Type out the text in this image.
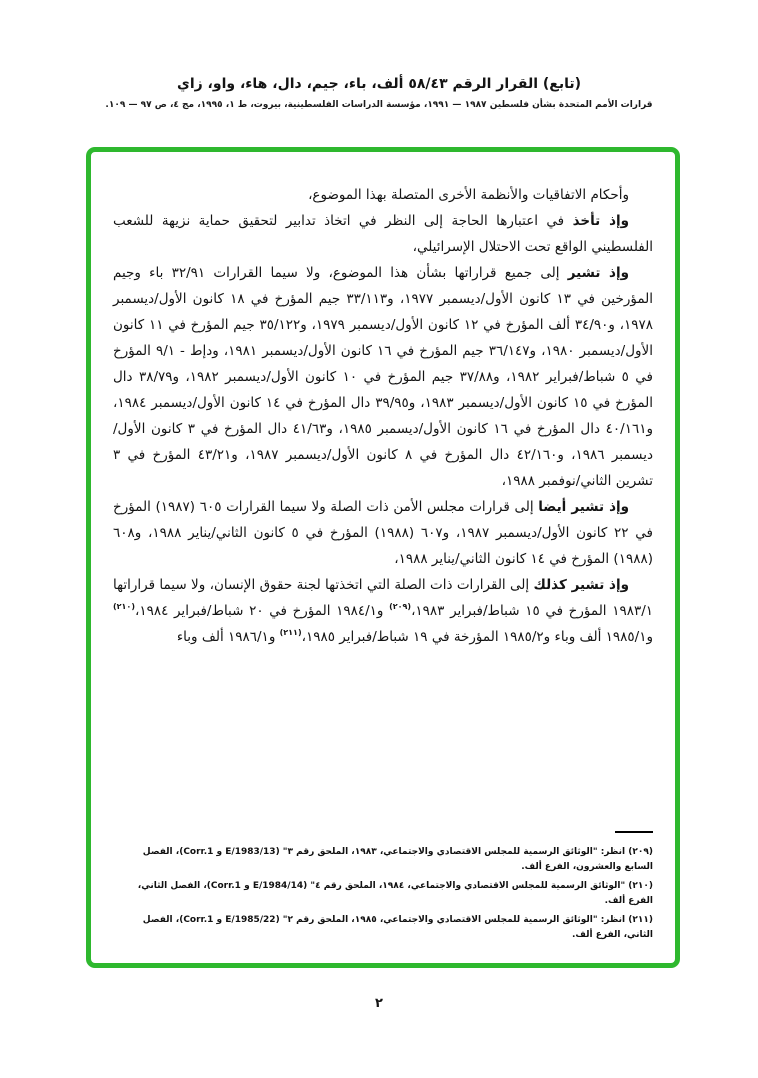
(تابع) القرار الرقم ٥٨/٤٣ ألف، باء، جيم، دال، هاء، واو، زاي
قرارات الأمم المتحدة بشأن فلسطين ١٩٨٧ — ١٩٩١، مؤسسة الدراسات الفلسطينية، بيروت، ط ١، ١٩٩٥، مج ٤، ص ٩٧ — ١٠٩.

وأحكام الاتفاقيات والأنظمة الأخرى المتصلة بهذا الموضوع،

وإذ تأخذ في اعتبارها الحاجة إلى النظر في اتخاذ تدابير لتحقيق حماية نزيهة للشعب الفلسطيني الواقع تحت الاحتلال الإسرائيلي،

وإذ تشير إلى جميع قراراتها بشأن هذا الموضوع، ولا سيما القرارات ٣٢/٩١ باء وجيم المؤرخين في ١٣ كانون الأول/ديسمبر ١٩٧٧، و٣٣/١١٣ جيم المؤرخ في ١٨ كانون الأول/ديسمبر ١٩٧٨، و٣٤/٩٠ ألف المؤرخ في ١٢ كانون الأول/ديسمبر ١٩٧٩، و٣٥/١٢٢ جيم المؤرخ في ١١ كانون الأول/ديسمبر ١٩٨٠، و٣٦/١٤٧ جيم المؤرخ في ١٦ كانون الأول/ديسمبر ١٩٨١، ودإط - ٩/١ المؤرخ في ٥ شباط/فبراير ١٩٨٢، و٣٧/٨٨ جيم المؤرخ في ١٠ كانون الأول/ديسمبر ١٩٨٢، و٣٨/٧٩ دال المؤرخ في ١٥ كانون الأول/ديسمبر ١٩٨٣، و٣٩/٩٥ دال المؤرخ في ١٤ كانون الأول/ديسمبر ١٩٨٤، و٤٠/١٦١ دال المؤرخ في ١٦ كانون الأول/ديسمبر ١٩٨٥، و٤١/٦٣ دال المؤرخ في ٣ كانون الأول/ديسمبر ١٩٨٦، و٤٢/١٦٠ دال المؤرخ في ٨ كانون الأول/ديسمبر ١٩٨٧، و٤٣/٢١ المؤرخ في ٣ تشرين الثاني/نوفمبر ١٩٨٨،

وإذ تشير أيضا إلى قرارات مجلس الأمن ذات الصلة ولا سيما القرارات ٦٠٥ (١٩٨٧) المؤرخ في ٢٢ كانون الأول/ديسمبر ١٩٨٧، و٦٠٧ (١٩٨٨) المؤرخ في ٥ كانون الثاني/يناير ١٩٨٨، و٦٠٨ (١٩٨٨) المؤرخ في ١٤ كانون الثاني/يناير ١٩٨٨،

وإذ تشير كذلك إلى القرارات ذات الصلة التي اتخذتها لجنة حقوق الإنسان، ولا سيما قراراتها ١٩٨٣/١ المؤرخ في ١٥ شباط/فبراير ١٩٨٣،$^{(٢٠٩)}$ و١٩٨٤/١ المؤرخ في ٢٠ شباط/فبراير ١٩٨٤،$^{(٢١٠)}$ و١٩٨٥/١ ألف وباء و١٩٨٥/٢ المؤرخة في ١٩ شباط/فبراير ١٩٨٥،$^{(٢١١)}$ و١٩٨٦/١ ألف وباء

(٢٠٩) انظر: "الوثائق الرسمية للمجلس الاقتصادي والاجتماعي، ١٩٨٣، الملحق رقم ٣" (E/1983/13 و Corr.1)، الفصل السابع والعشرون، الفرع ألف.

(٢١٠) "الوثائق الرسمية للمجلس الاقتصادي والاجتماعي، ١٩٨٤، الملحق رقم ٤" (E/1984/14 و Corr.1)، الفصل الثاني، الفرع ألف.

(٢١١) انظر: "الوثائق الرسمية للمجلس الاقتصادي والاجتماعي، ١٩٨٥، الملحق رقم ٢" (E/1985/22 و Corr.1)، الفصل الثاني، الفرع ألف.

٢
